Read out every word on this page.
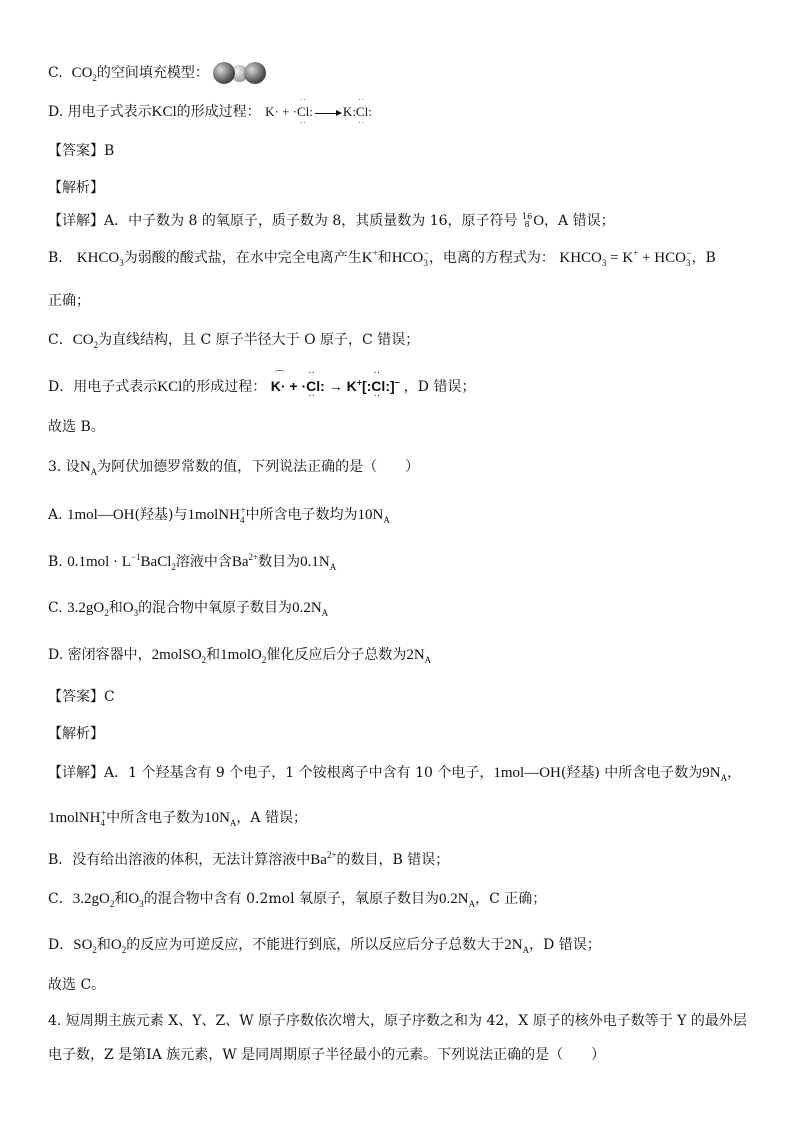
C. $CO_2$的空间填充模型：
D. 用电子式表示KCl的形成过程： K· + ·Cl
··
··
: K:Cl
··
··
:
【答案】B
【解析】
【详解】A．中子数为 8 的氧原子，质子数为 8，其质量数为 16，原子符号 16
8 O，A 错误；
B． $KHCO_3$为弱酸的酸式盐，在水中完全电离产生K+和$HCO_3^-$，电离的方程式为： $KHCO_3 = K^+ + HCO_3^-$，B
正确；
C．$CO_2$为直线结构，且 C 原子半径大于 O 原子，C 错误；
D．用电子式表示KCl的形成过程： K
⌒
· + ·Cl
··
··
: → K+[:Cl
··
··
:]− ，D 错误；
故选 B。
3. 设$N_A$为阿伏加德罗常数的值，下列说法正确的是（　　）
A. 1mol—OH(羟基)与1molNH$_4$+中所含电子数均为$10N_A$
B. $0.1mol \cdot L^{-1}BaCl_2$溶液中含$Ba^{2+}$数目为$0.1N_A$
C. $3.2gO_2$和$O_3$的混合物中氧原子数目为$0.2N_A$
D. 密闭容器中，2molSO$_2$和1molO$_2$催化反应后分子总数为$2N_A$
【答案】C
【解析】
【详解】A．1 个羟基含有 9 个电子，1 个铵根离子中含有 10 个电子，1mol—OH(羟基) 中所含电子数为$9N_A$，
1molNH$_4$+中所含电子数为$10N_A$，A 错误；
B．没有给出溶液的体积，无法计算溶液中$Ba^{2+}$的数目，B 错误；
C．$3.2gO_2$和$O_3$的混合物中含有 0.2mol 氧原子，氧原子数目为$0.2N_A$，C 正确；
D．$SO_2$和$O_2$的反应为可逆反应，不能进行到底，所以反应后分子总数大于$2N_A$，D 错误；
故选 C。
4. 短周期主族元素 X、Y、Z、W 原子序数依次增大，原子序数之和为 42，X 原子的核外电子数等于 Y 的最外层
电子数，Z 是第ⅠA 族元素，W 是同周期原子半径最小的元素。下列说法正确的是（　　）
